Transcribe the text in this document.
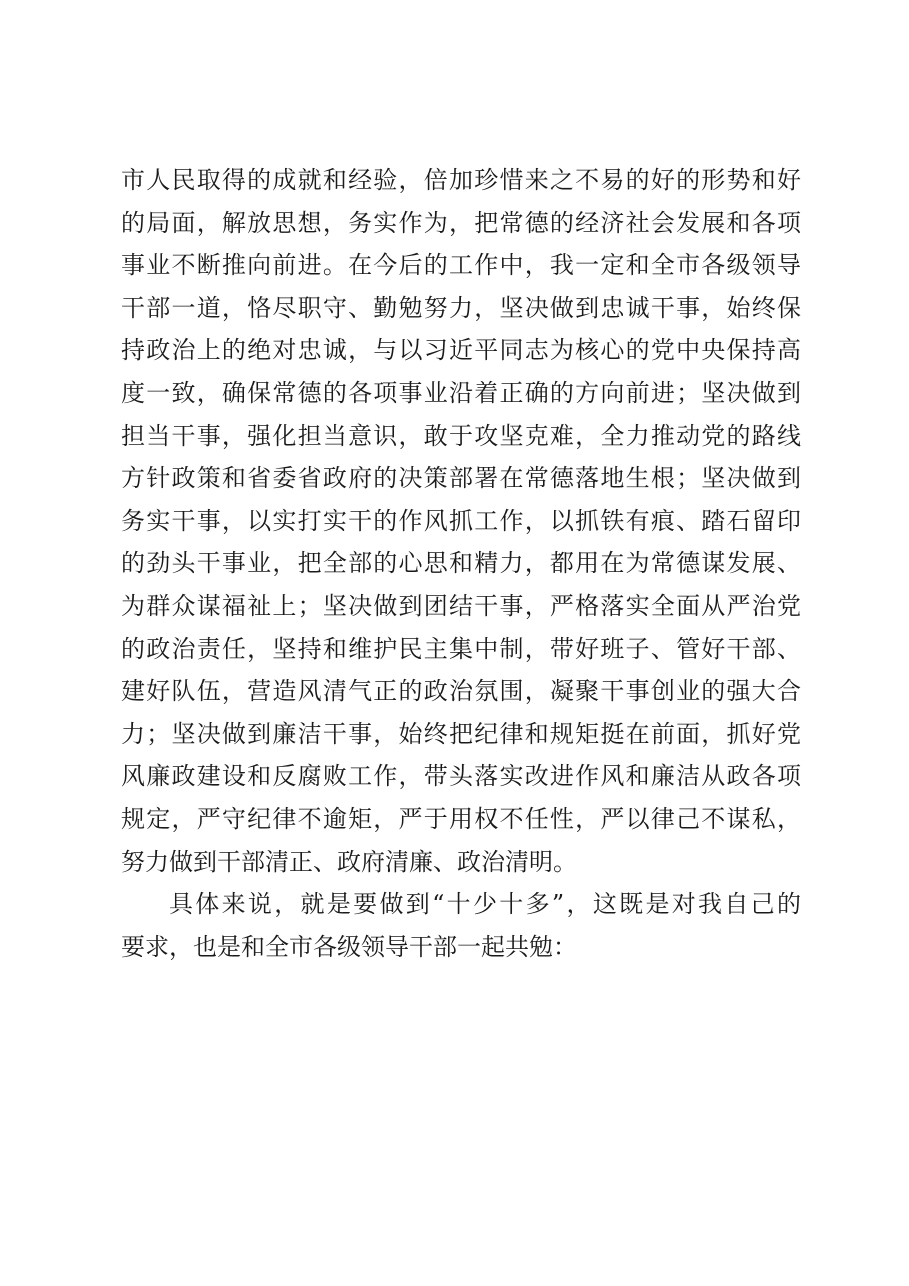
市人民取得的成就和经验，倍加珍惜来之不易的好的形势和好
的局面，解放思想，务实作为，把常德的经济社会发展和各项
事业不断推向前进。在今后的工作中，我一定和全市各级领导
干部一道，恪尽职守、勤勉努力，坚决做到忠诚干事，始终保
持政治上的绝对忠诚，与以习近平同志为核心的党中央保持高
度一致，确保常德的各项事业沿着正确的方向前进；坚决做到
担当干事，强化担当意识，敢于攻坚克难，全力推动党的路线
方针政策和省委省政府的决策部署在常德落地生根；坚决做到
务实干事，以实打实干的作风抓工作，以抓铁有痕、踏石留印
的劲头干事业，把全部的心思和精力，都用在为常德谋发展、
为群众谋福祉上；坚决做到团结干事，严格落实全面从严治党
的政治责任，坚持和维护民主集中制，带好班子、管好干部、
建好队伍，营造风清气正的政治氛围，凝聚干事创业的强大合
力；坚决做到廉洁干事，始终把纪律和规矩挺在前面，抓好党
风廉政建设和反腐败工作，带头落实改进作风和廉洁从政各项
规定，严守纪律不逾矩，严于用权不任性，严以律己不谋私，
努力做到干部清正、政府清廉、政治清明。
具体来说，就是要做到“十少十多”，这既是对我自己的
要求，也是和全市各级领导干部一起共勉：
